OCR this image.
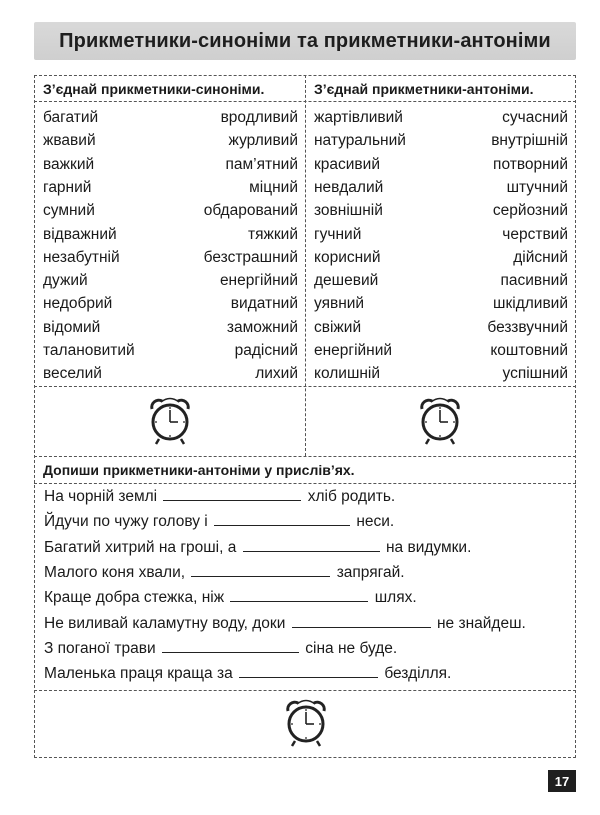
Прикметники-синоніми та прикметники-антоніми
З’єднай прикметники-синоніми.	З’єднай прикметники-антоніми.
багатий	вродливий
жвавий	журливий
важкий	пам’ятний
гарний	міцний
сумний	обдарований
відважний	тяжкий
незабутній	безстрашний
дужий	енергійний
недобрий	видатний
відомий	заможний
талановитий	радісний
веселий	лихий
жартівливий	сучасний
натуральний	внутрішній
красивий	потворний
невдалий	штучний
зовнішній	серйозний
гучний	черствий
корисний	дійсний
дешевий	пасивний
уявний	шкідливий
свіжий	беззвучний
енергійний	коштовний
колишній	успішний
Допиши прикметники-антоніми у прислів’ях.
На чорній землі	хліб родить.
Йдучи по чужу голову і	неси.
Багатий хитрий на гроші, а	на видумки.
Малого коня хвали,	запрягай.
Краще добра стежка, ніж	шлях.
Не виливай каламутну воду, доки	не знайдеш.
З поганої трави	сіна не буде.
Маленька праця краща за	безділля.
17
